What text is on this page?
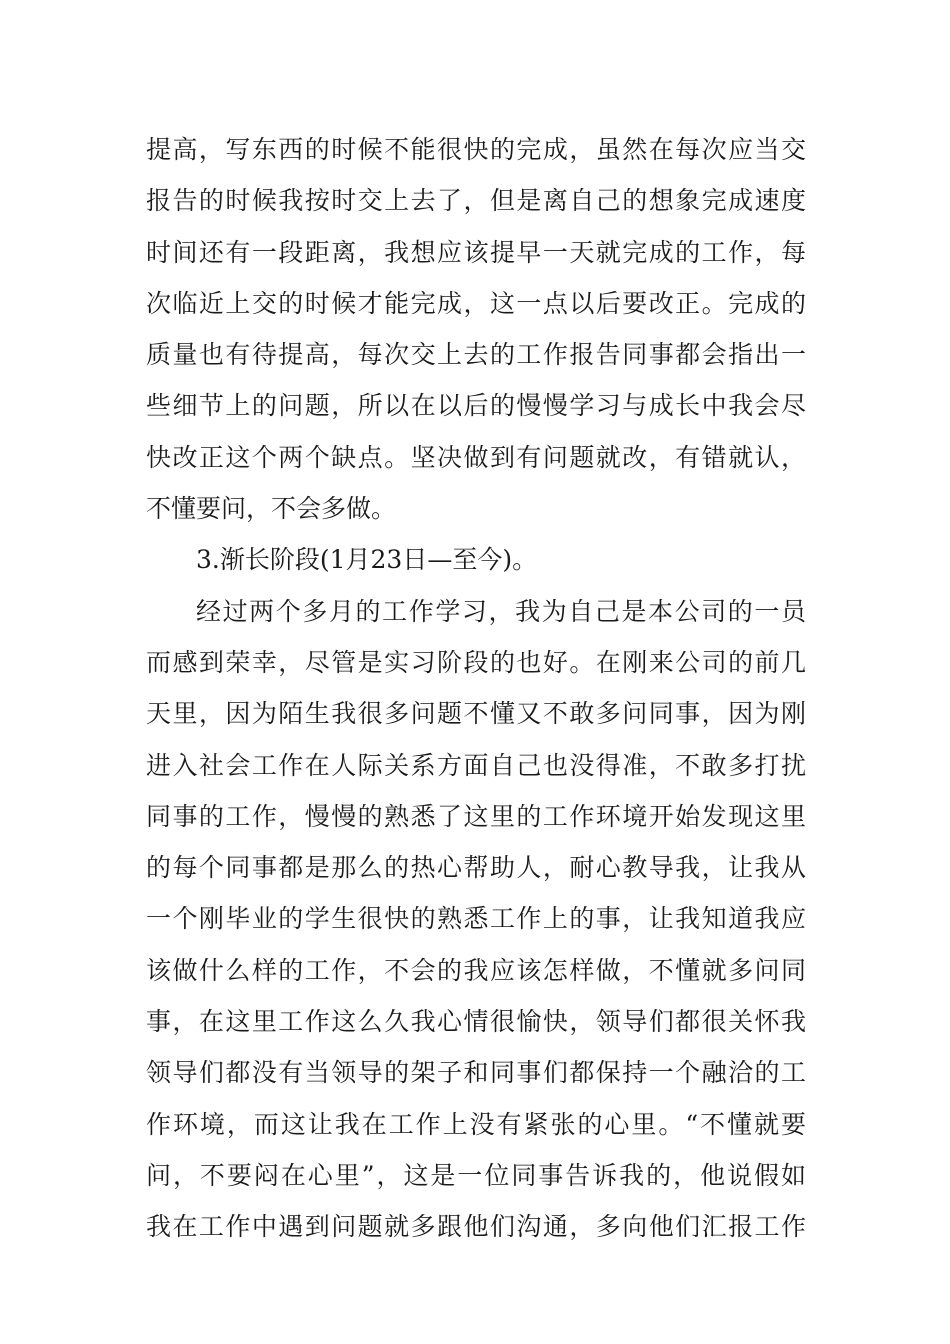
提高，写东西的时候不能很快的完成，虽然在每次应当交
报告的时候我按时交上去了，但是离自己的想象完成速度
时间还有一段距离，我想应该提早一天就完成的工作，每
次临近上交的时候才能完成，这一点以后要改正。完成的
质量也有待提高，每次交上去的工作报告同事都会指出一
些细节上的问题，所以在以后的慢慢学习与成长中我会尽
快改正这个两个缺点。坚决做到有问题就改，有错就认，
不懂要问，不会多做。
3.渐长阶段(1月23日—至今)。
经过两个多月的工作学习，我为自己是本公司的一员
而感到荣幸，尽管是实习阶段的也好。在刚来公司的前几
天里，因为陌生我很多问题不懂又不敢多问同事，因为刚
进入社会工作在人际关系方面自己也没得准，不敢多打扰
同事的工作，慢慢的熟悉了这里的工作环境开始发现这里
的每个同事都是那么的热心帮助人，耐心教导我，让我从
一个刚毕业的学生很快的熟悉工作上的事，让我知道我应
该做什么样的工作，不会的我应该怎样做，不懂就多问同
事，在这里工作这么久我心情很愉快，领导们都很关怀我
领导们都没有当领导的架子和同事们都保持一个融洽的工
作环境，而这让我在工作上没有紧张的心里。“不懂就要
问，不要闷在心里”，这是一位同事告诉我的，他说假如
我在工作中遇到问题就多跟他们沟通，多向他们汇报工作
